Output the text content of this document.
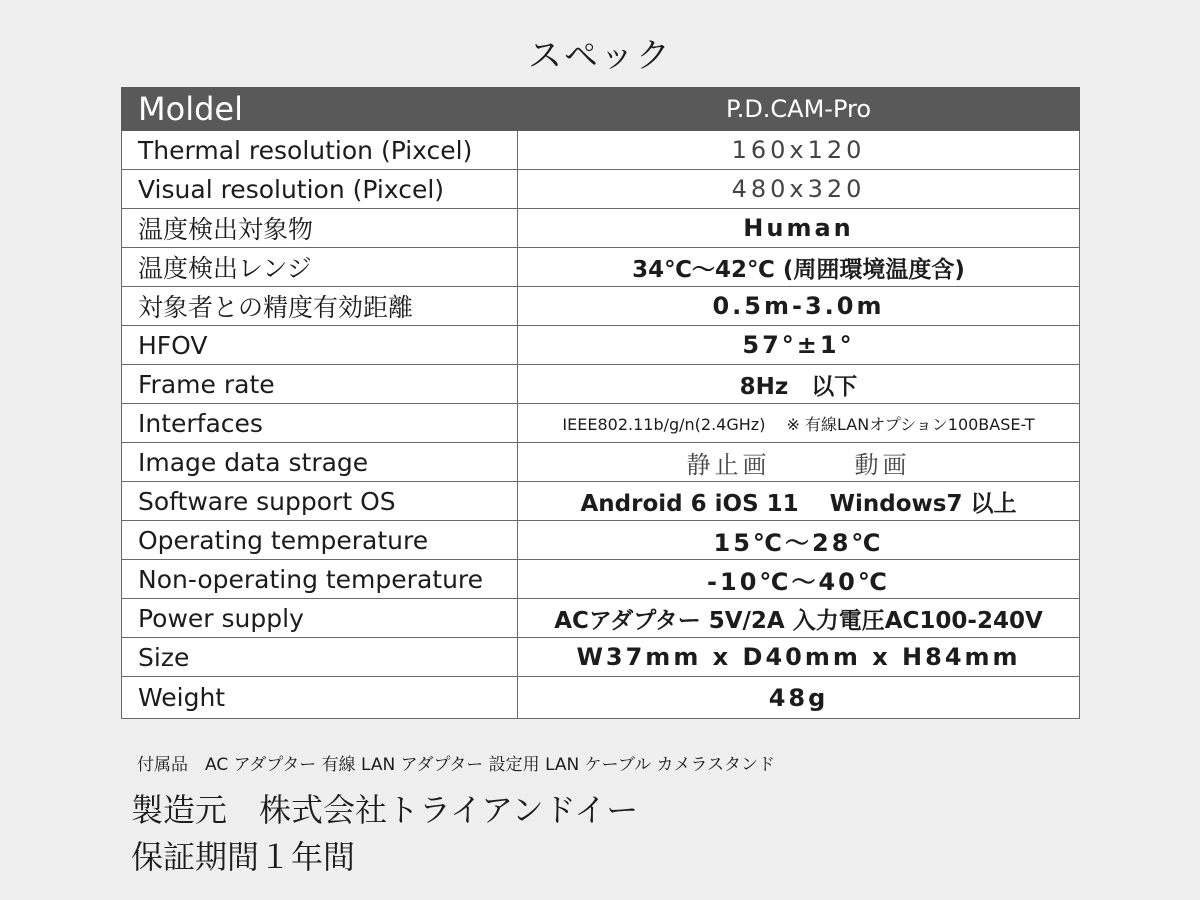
スペック
Moldel	P.D.CAM-Pro
Thermal resolution (Pixcel)	160x120
Visual resolution (Pixcel)	480x320
温度検出対象物	Human
温度検出レンジ	34℃～42℃ (周囲環境温度含)
対象者との精度有効距離	0.5m-3.0m
HFOV	57°±1°
Frame rate	8Hz　以下
Interfaces	IEEE802.11b/g/n(2.4GHz)　 ※ 有線LANオプション100BASE-T
Image data strage	静止画　　　動画
Software support OS	Android 6 iOS 11　 Windows7 以上
Operating temperature	15℃～28℃
Non-operating temperature	-10℃～40℃
Power supply	ACアダプター 5V/2A 入力電圧AC100-240V
Size	W37mm x D40mm x H84mm
Weight	48g
付属品　AC アダプター 有線 LAN アダプター 設定用 LAN ケーブル カメラスタンド
製造元　株式会社トライアンドイー
保証期間１年間
